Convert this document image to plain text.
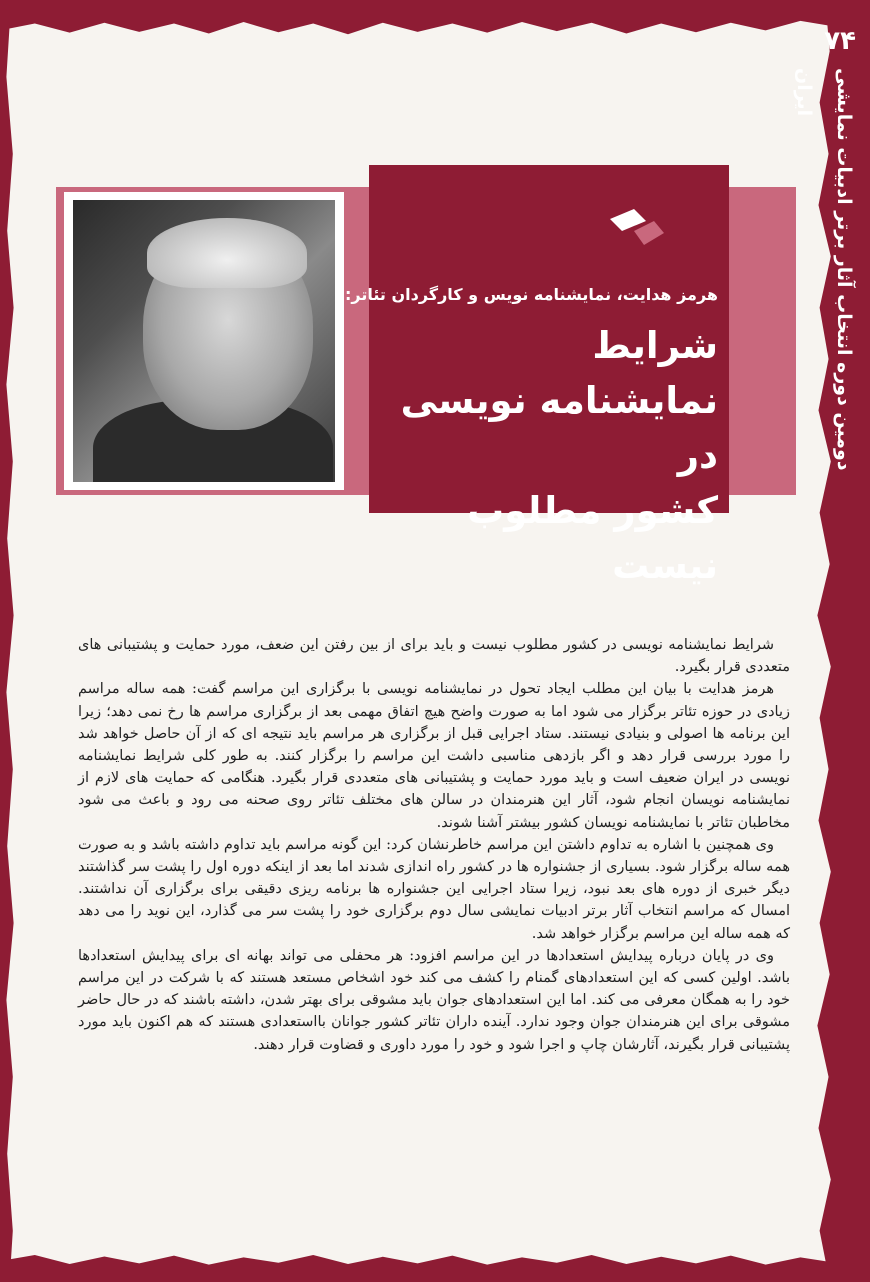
۷۴
دومین دوره انتخاب آثار برتر ادبیات نمایشی ایران
هرمز هدایت، نمایشنامه نویس و کارگردان تئاتر:
شرایط
نمایشنامه نویسی در
کشور مطلوب نیست

شرایط نمایشنامه نویسی در کشور مطلوب نیست و باید برای از بین رفتن این ضعف، مورد حمایت و پشتیبانی های متعددی قرار بگیرد.

هرمز هدایت با بیان این مطلب ایجاد تحول در نمایشنامه نویسی با برگزاری این مراسم گفت: همه ساله مراسم زیادی در حوزه تئاتر برگزار می شود اما به صورت واضح هیچ اتفاق مهمی بعد از برگزاری مراسم ها رخ نمی دهد؛ زیرا این برنامه ها اصولی و بنیادی نیستند. ستاد اجرایی قبل از برگزاری هر مراسم باید نتیجه ای که از آن حاصل خواهد شد را مورد بررسی قرار دهد و اگر بازدهی مناسبی داشت این مراسم را برگزار کنند. به طور کلی شرایط نمایشنامه نویسی در ایران ضعیف است و باید مورد حمایت و پشتیبانی های متعددی قرار بگیرد. هنگامی که حمایت های لازم از نمایشنامه نویسان انجام شود، آثار این هنرمندان در سالن های مختلف تئاتر روی صحنه می رود و باعث می شود مخاطبان تئاتر با نمایشنامه نویسان کشور بیشتر آشنا شوند.

وی همچنین با اشاره به تداوم داشتن این مراسم خاطرنشان کرد: این گونه مراسم باید تداوم داشته باشد و به صورت همه ساله برگزار شود. بسیاری از جشنواره ها در کشور راه اندازی شدند اما بعد از اینکه دوره اول را پشت سر گذاشتند دیگر خبری از دوره های بعد نبود، زیرا ستاد اجرایی این جشنواره ها برنامه ریزی دقیقی برای برگزاری آن نداشتند. امسال که مراسم انتخاب آثار برتر ادبیات نمایشی سال دوم برگزاری خود را پشت سر می گذارد، این نوید را می دهد که همه ساله این مراسم برگزار خواهد شد.

وی در پایان درباره پیدایش استعدادها در این مراسم افزود: هر محفلی می تواند بهانه ای برای پیدایش استعدادها باشد. اولین کسی که این استعدادهای گمنام را کشف می کند خود اشخاص مستعد هستند که با شرکت در این مراسم خود را به همگان معرفی می کند. اما این استعدادهای جوان باید مشوقی برای بهتر شدن، داشته باشند که در حال حاضر مشوقی برای این هنرمندان جوان وجود ندارد. آینده داران تئاتر کشور جوانان بااستعدادی هستند که هم اکنون باید مورد پشتیبانی قرار بگیرند، آثارشان چاپ و اجرا شود و خود را مورد داوری و قضاوت قرار دهند.
